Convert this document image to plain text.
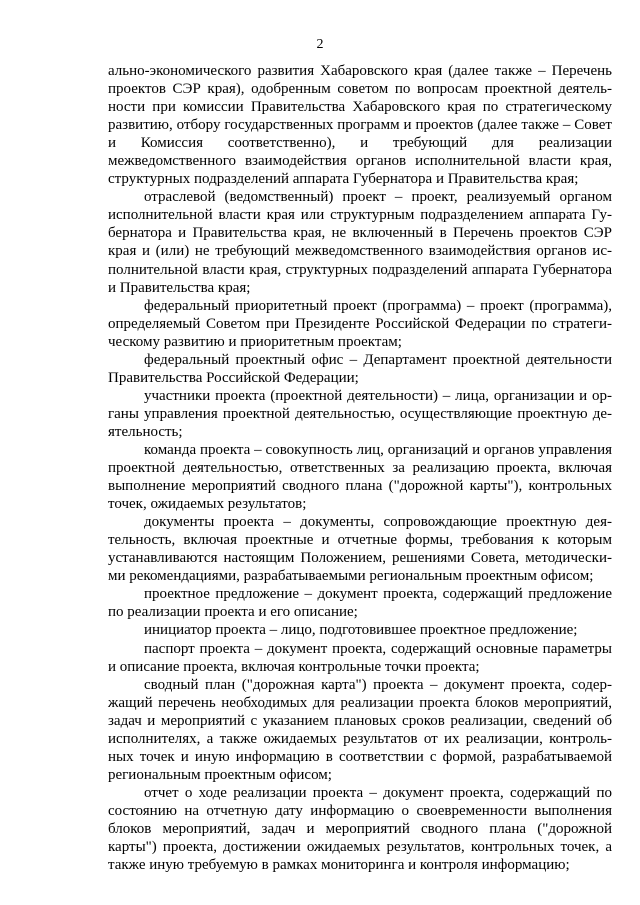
2

ально-экономического развития Хабаровского края (далее также – Перечень проектов СЭР края), одобренным советом по вопросам проектной деятельности при комиссии Правительства Хабаровского края по стратегическому развитию, отбору государственных программ и проектов (далее также – Совет и Комиссия соответственно), и требующий для реализации межведомственного взаимодействия органов исполнительной власти края, структурных подразделений аппарата Губернатора и Правительства края;

отраслевой (ведомственный) проект – проект, реализуемый органом исполнительной власти края или структурным подразделением аппарата Губернатора и Правительства края, не включенный в Перечень проектов СЭР края и (или) не требующий межведомственного взаимодействия органов исполнительной власти края, структурных подразделений аппарата Губернатора и Правительства края;

федеральный приоритетный проект (программа) – проект (программа), определяемый Советом при Президенте Российской Федерации по стратегическому развитию и приоритетным проектам;

федеральный проектный офис – Департамент проектной деятельности Правительства Российской Федерации;

участники проекта (проектной деятельности) – лица, организации и органы управления проектной деятельностью, осуществляющие проектную деятельность;

команда проекта – совокупность лиц, организаций и органов управления проектной деятельностью, ответственных за реализацию проекта, включая выполнение мероприятий сводного плана ("дорожной карты"), контрольных точек, ожидаемых результатов;

документы проекта – документы, сопровождающие проектную деятельность, включая проектные и отчетные формы, требования к которым устанавливаются настоящим Положением, решениями Совета, методическими рекомендациями, разрабатываемыми региональным проектным офисом;

проектное предложение – документ проекта, содержащий предложение по реализации проекта и его описание;

инициатор проекта – лицо, подготовившее проектное предложение;

паспорт проекта – документ проекта, содержащий основные параметры и описание проекта, включая контрольные точки проекта;

сводный план ("дорожная карта") проекта – документ проекта, содержащий перечень необходимых для реализации проекта блоков мероприятий, задач и мероприятий с указанием плановых сроков реализации, сведений об исполнителях, а также ожидаемых результатов от их реализации, контрольных точек и иную информацию в соответствии с формой, разрабатываемой региональным проектным офисом;

отчет о ходе реализации проекта – документ проекта, содержащий по состоянию на отчетную дату информацию о своевременности выполнения блоков мероприятий, задач и мероприятий сводного плана ("дорожной карты") проекта, достижении ожидаемых результатов, контрольных точек, а также иную требуемую в рамках мониторинга и контроля информацию;
